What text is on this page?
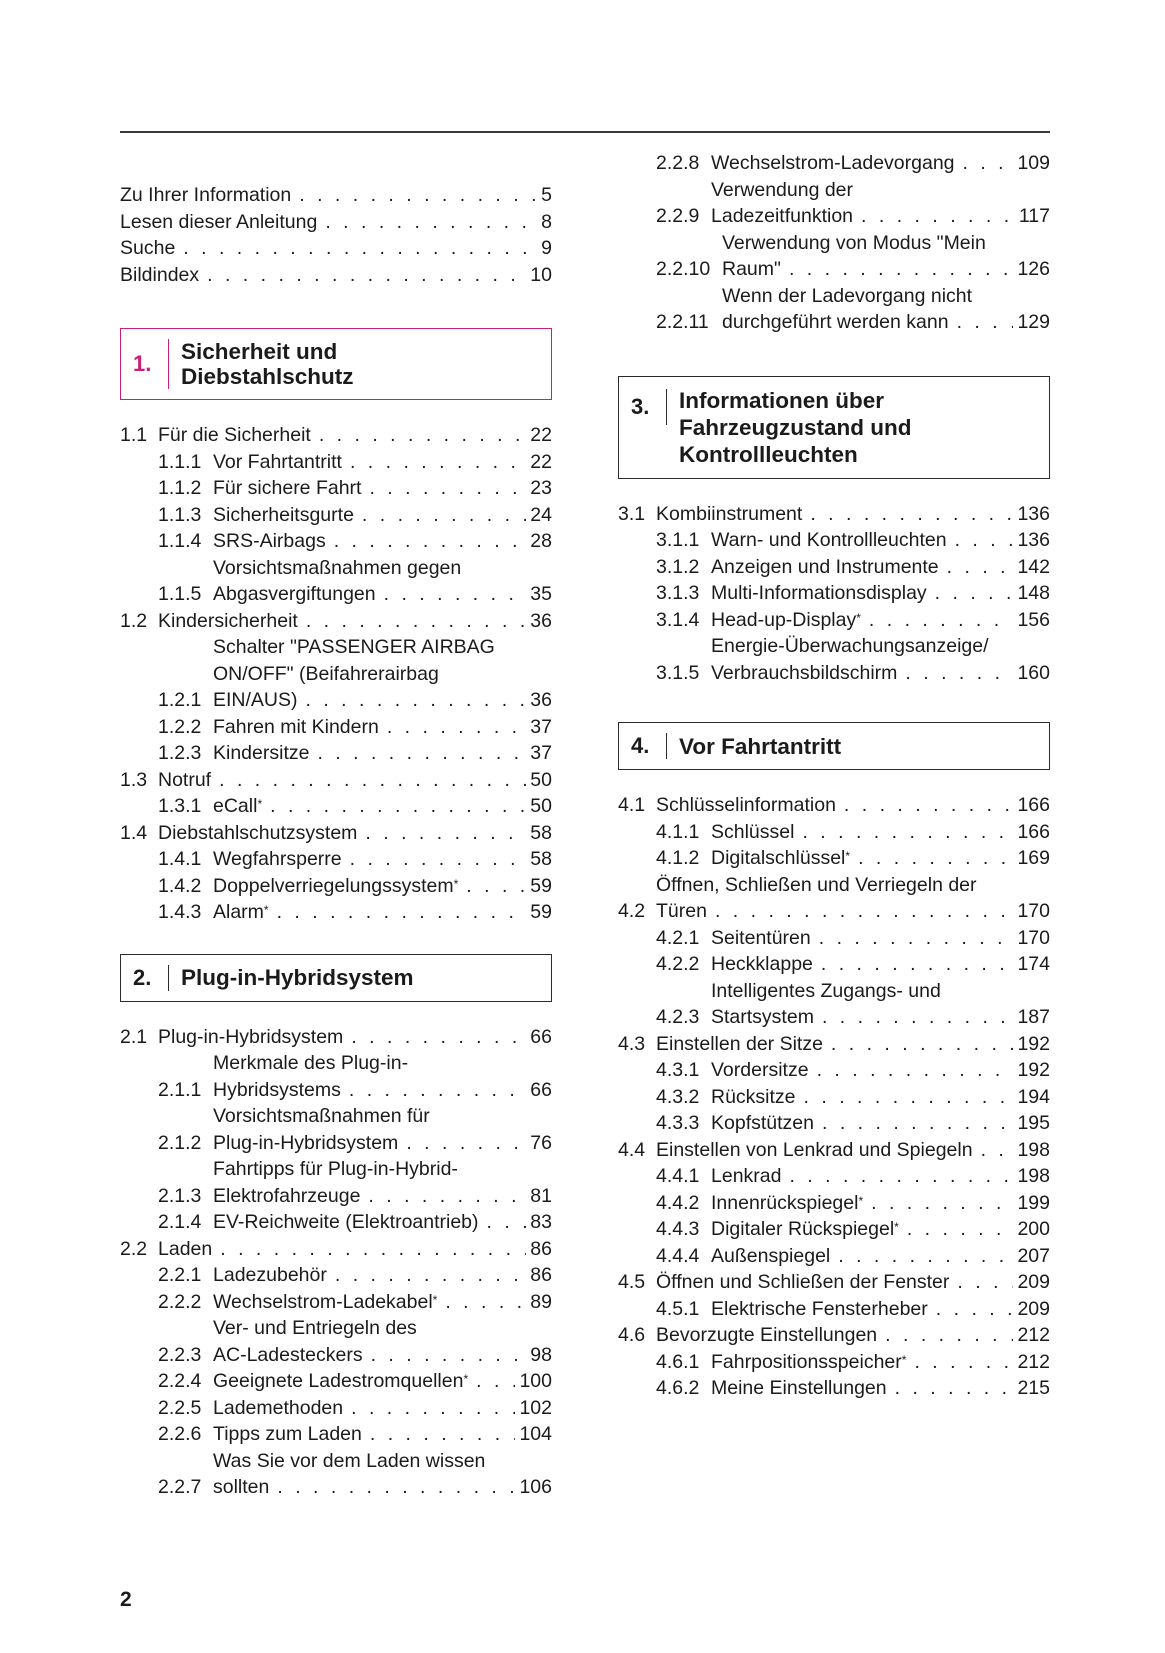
Zu Ihrer Information . . .	5
Lesen dieser Anleitung . . .	8
Suche . . .	9
Bildindex . . .	10
1.	Sicherheit und
Diebstahlschutz
1.1 Für die Sicherheit . . .	22
1.1.1 Vor Fahrtantritt . . .	22
1.1.2 Für sichere Fahrt . . .	23
1.1.3 Sicherheitsgurte . . .	24
1.1.4 SRS-Airbags . . .	28
1.1.5
Vorsichtsmaßnahmen gegen
Abgasvergiftungen . . .	35
1.2 Kindersicherheit . . .	36
1.2.1
Schalter "PASSENGER AIRBAG
ON/OFF" (Beifahrerairbag
EIN/AUS) . . .	36
1.2.2 Fahren mit Kindern . . .	37
1.2.3 Kindersitze . . .	37
1.3 Notruf . . .	50
1.3.1 eCall * . . .	50
1.4 Diebstahlschutzsystem . . .	58
1.4.1 Wegfahrsperre . . .	58
1.4.2 Doppelverriegelungssystem * . . .	59
1.4.3 Alarm * . . .	59
2.	Plug-in-Hybridsystem
2.1 Plug-in-Hybridsystem . . .	66
2.1.1
Merkmale des Plug-in-
Hybridsystems . . .	66
2.1.2
Vorsichtsmaßnahmen für
Plug-in-Hybridsystem . . .	76
2.1.3
Fahrtipps für Plug-in-Hybrid-
Elektrofahrzeuge . . .	81
2.1.4 EV-Reichweite (Elektroantrieb) . . .	83
2.2 Laden . . .	86
2.2.1 Ladezubehör . . .	86
2.2.2 Wechselstrom-Ladekabel * . . .	89
2.2.3
Ver- und Entriegeln des
AC-Ladesteckers . . .	98
2.2.4 Geeignete Ladestromquellen * . . .	100
2.2.5 Lademethoden . . .	102
2.2.6 Tipps zum Laden . . .	104
2.2.7
Was Sie vor dem Laden wissen
sollten . . .	106
2.2.8 Wechselstrom-Ladevorgang . . .	109
2.2.9
Verwendung der
Ladezeitfunktion . . .	117
2.2.10
Verwendung von Modus "Mein
Raum" . . .	126
2.2.11
Wenn der Ladevorgang nicht
durchgeführt werden kann . . .	129
3.	Informationen über
Fahrzeugzustand und
Kontrollleuchten
3.1 Kombiinstrument . . .	136
3.1.1 Warn- und Kontrollleuchten . . .	136
3.1.2 Anzeigen und Instrumente . . .	142
3.1.3 Multi-Informationsdisplay . . .	148
3.1.4 Head-up-Display * . . .	156
3.1.5
Energie-Überwachungsanzeige/
Verbrauchsbildschirm . . .	160
4.	Vor Fahrtantritt
4.1 Schlüsselinformation . . .	166
4.1.1 Schlüssel . . .	166
4.1.2 Digitalschlüssel * . . .	169
4.2
Öffnen, Schließen und Verriegeln der
Türen . . .	170
4.2.1 Seitentüren . . .	170
4.2.2 Heckklappe . . .	174
4.2.3
Intelligentes Zugangs- und
Startsystem . . .	187
4.3 Einstellen der Sitze . . .	192
4.3.1 Vordersitze . . .	192
4.3.2 Rücksitze . . .	194
4.3.3 Kopfstützen . . .	195
4.4 Einstellen von Lenkrad und Spiegeln . . . 198
4.4.1 Lenkrad . . .	198
4.4.2 Innenrückspiegel * . . .	199
4.4.3 Digitaler Rückspiegel * . . .	200
4.4.4 Außenspiegel . . .	207
4.5 Öffnen und Schließen der Fenster . . .	209
4.5.1 Elektrische Fensterheber . . .	209
4.6 Bevorzugte Einstellungen . . .	212
4.6.1 Fahrpositionsspeicher * . . .	212
4.6.2 Meine Einstellungen . . .	215
2
